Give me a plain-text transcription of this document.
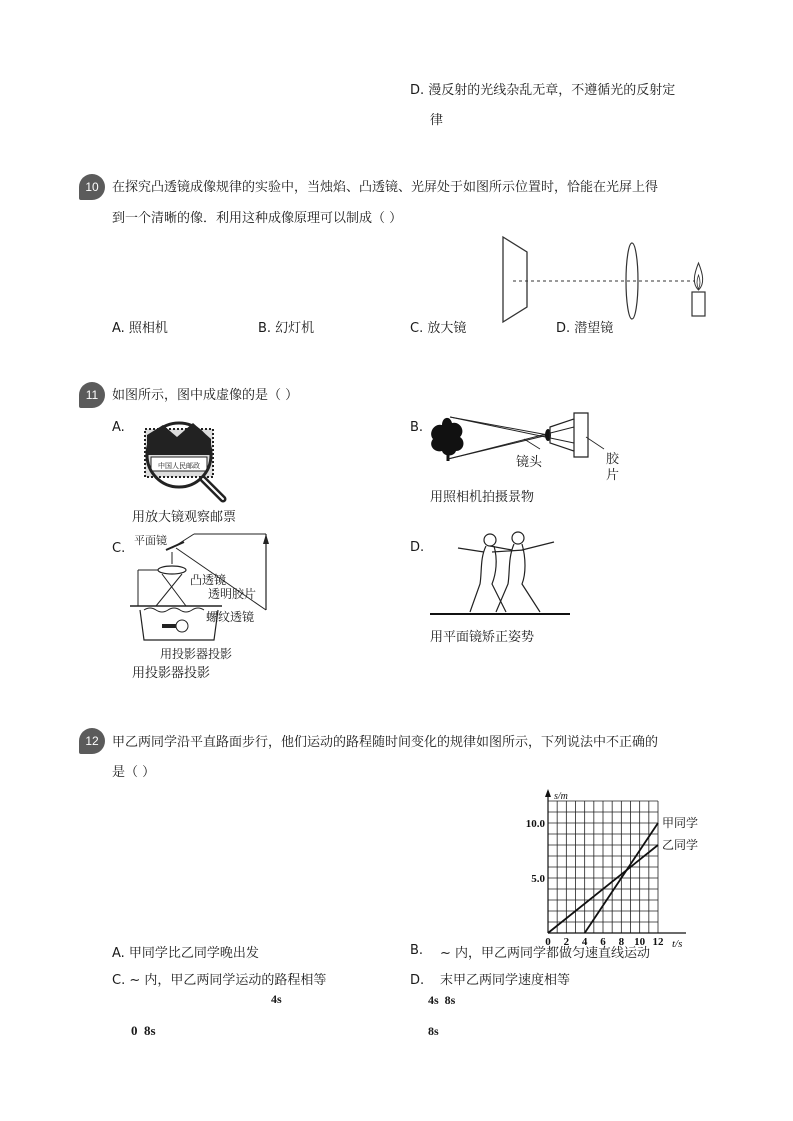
D. 漫反射的光线杂乱无章，不遵循光的反射定
律
10	在探究凸透镜成像规律的实验中，当烛焰、凸透镜、光屏处于如图所示位置时，恰能在光屏上得
到一个清晰的像．利用这种成像原理可以制成（ ）
A. 照相机	B. 幻灯机	C. 放大镜	D. 潜望镜
11	如图所示，图中成虚像的是（ ）
A.
中国人民邮政
用放大镜观察邮票
B.
镜头	胶
片
用照相机拍摄景物
C.
平面镜
凸透镜
透明胶片
螺纹透镜
用投影器投影
用投影器投影
D.
用平面镜矫正姿势
12	甲乙两同学沿平直路面步行，他们运动的路程随时间变化的规律如图所示，下列说法中不正确的
是（ ）
s/m
t/s
0 2 4 6 8 10 12
5.0
10.0	甲同学
乙同学
A. 甲同学比乙同学晚出发	B. ~ 内，甲乙两同学都做匀速直线运动
C. ~ 内，甲乙两同学运动的路程相等	D. 末甲乙两同学速度相等
4s	4s  8s
0  8s	8s
